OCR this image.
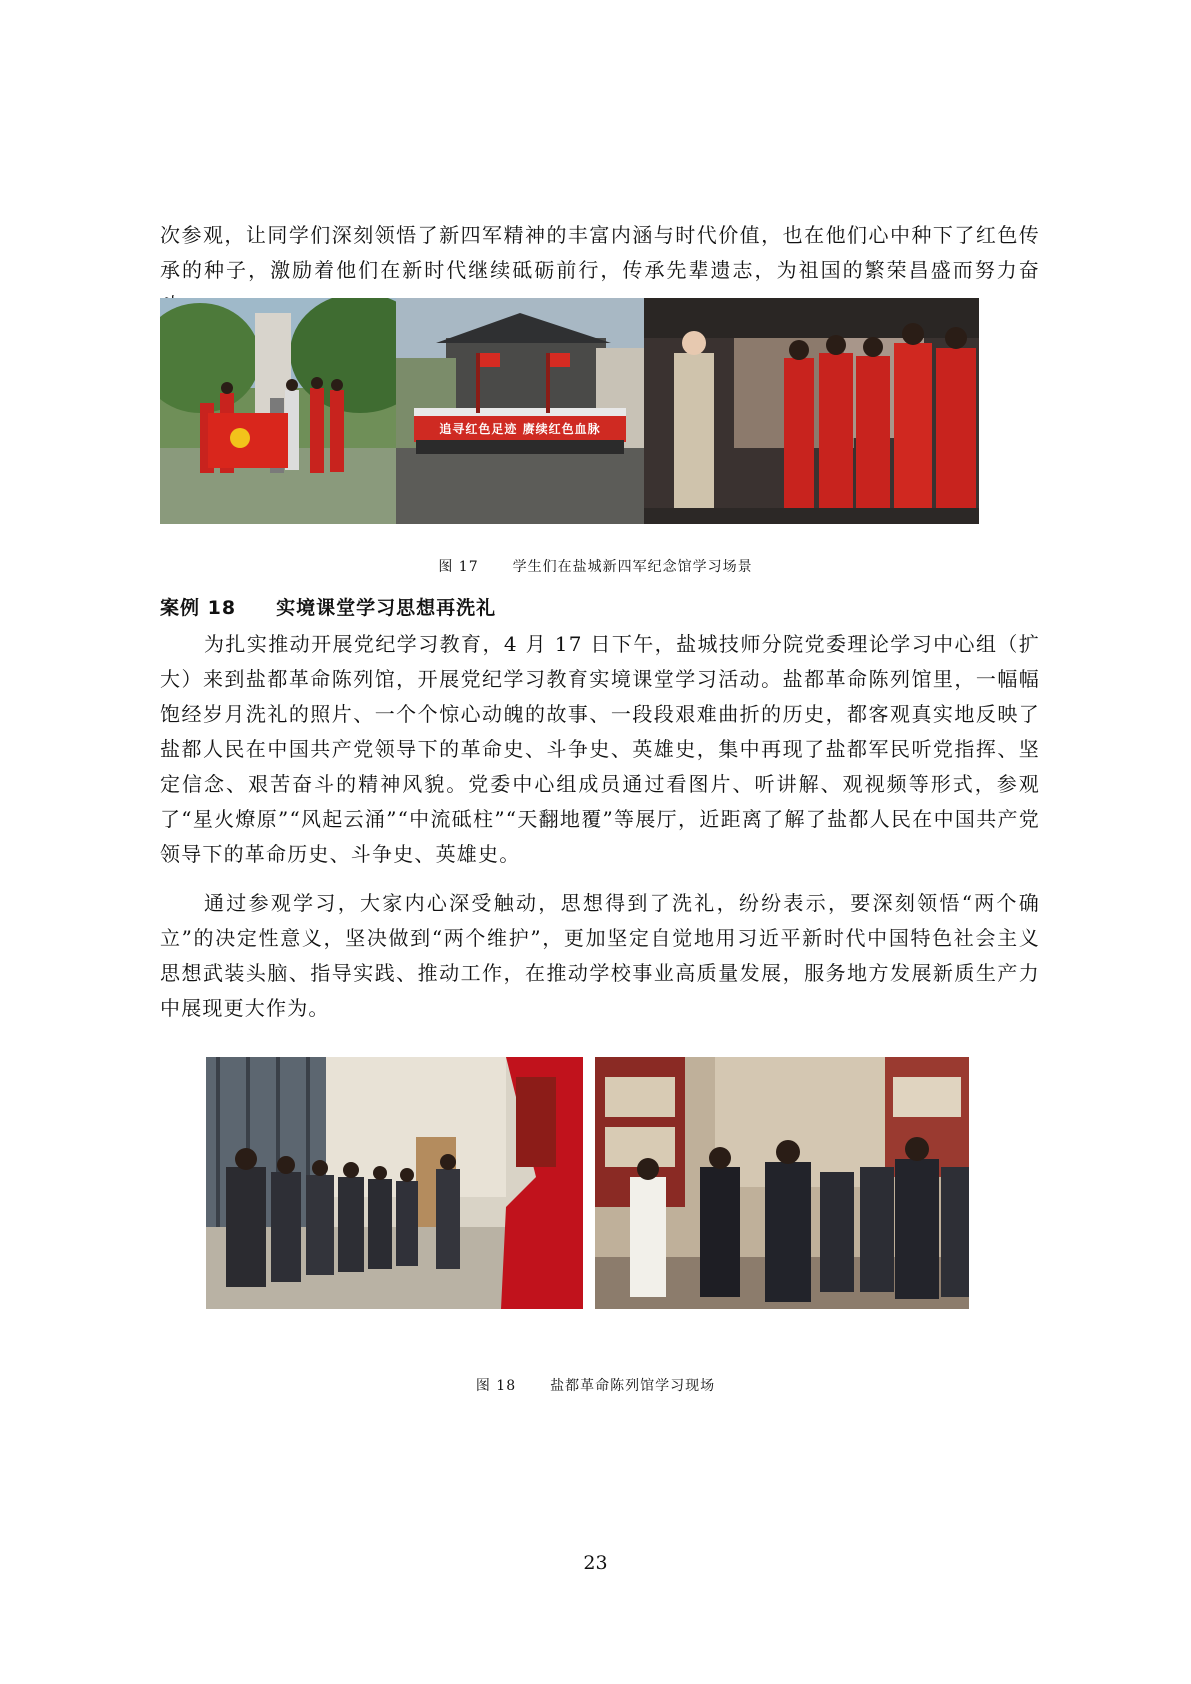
次参观，让同学们深刻领悟了新四军精神的丰富内涵与时代价值，也在他们心中种下了红色传承的种子，激励着他们在新时代继续砥砺前行，传承先辈遗志，为祖国的繁荣昌盛而努力奋

追寻红色足迹 赓续红色血脉

图 17 学生们在盐城新四军纪念馆学习场景

案例 18 实境课堂学习思想再洗礼

为扎实推动开展党纪学习教育，4 月 17 日下午，盐城技师分院党委理论学习中心组（扩大）来到盐都革命陈列馆，开展党纪学习教育实境课堂学习活动。盐都革命陈列馆里，一幅幅饱经岁月洗礼的照片、一个个惊心动魄的故事、一段段艰难曲折的历史，都客观真实地反映了盐都人民在中国共产党领导下的革命史、斗争史、英雄史，集中再现了盐都军民听党指挥、坚定信念、艰苦奋斗的精神风貌。党委中心组成员通过看图片、听讲解、观视频等形式，参观了“星火燎原”“风起云涌”“中流砥柱”“天翻地覆”等展厅，近距离了解了盐都人民在中国共产党领导下的革命历史、斗争史、英雄史。

通过参观学习，大家内心深受触动，思想得到了洗礼，纷纷表示，要深刻领悟“两个确立”的决定性意义，坚决做到“两个维护”，更加坚定自觉地用习近平新时代中国特色社会主义思想武装头脑、指导实践、推动工作，在推动学校事业高质量发展，服务地方发展新质生产力中展现更大作为。

图 18 盐都革命陈列馆学习现场

23
